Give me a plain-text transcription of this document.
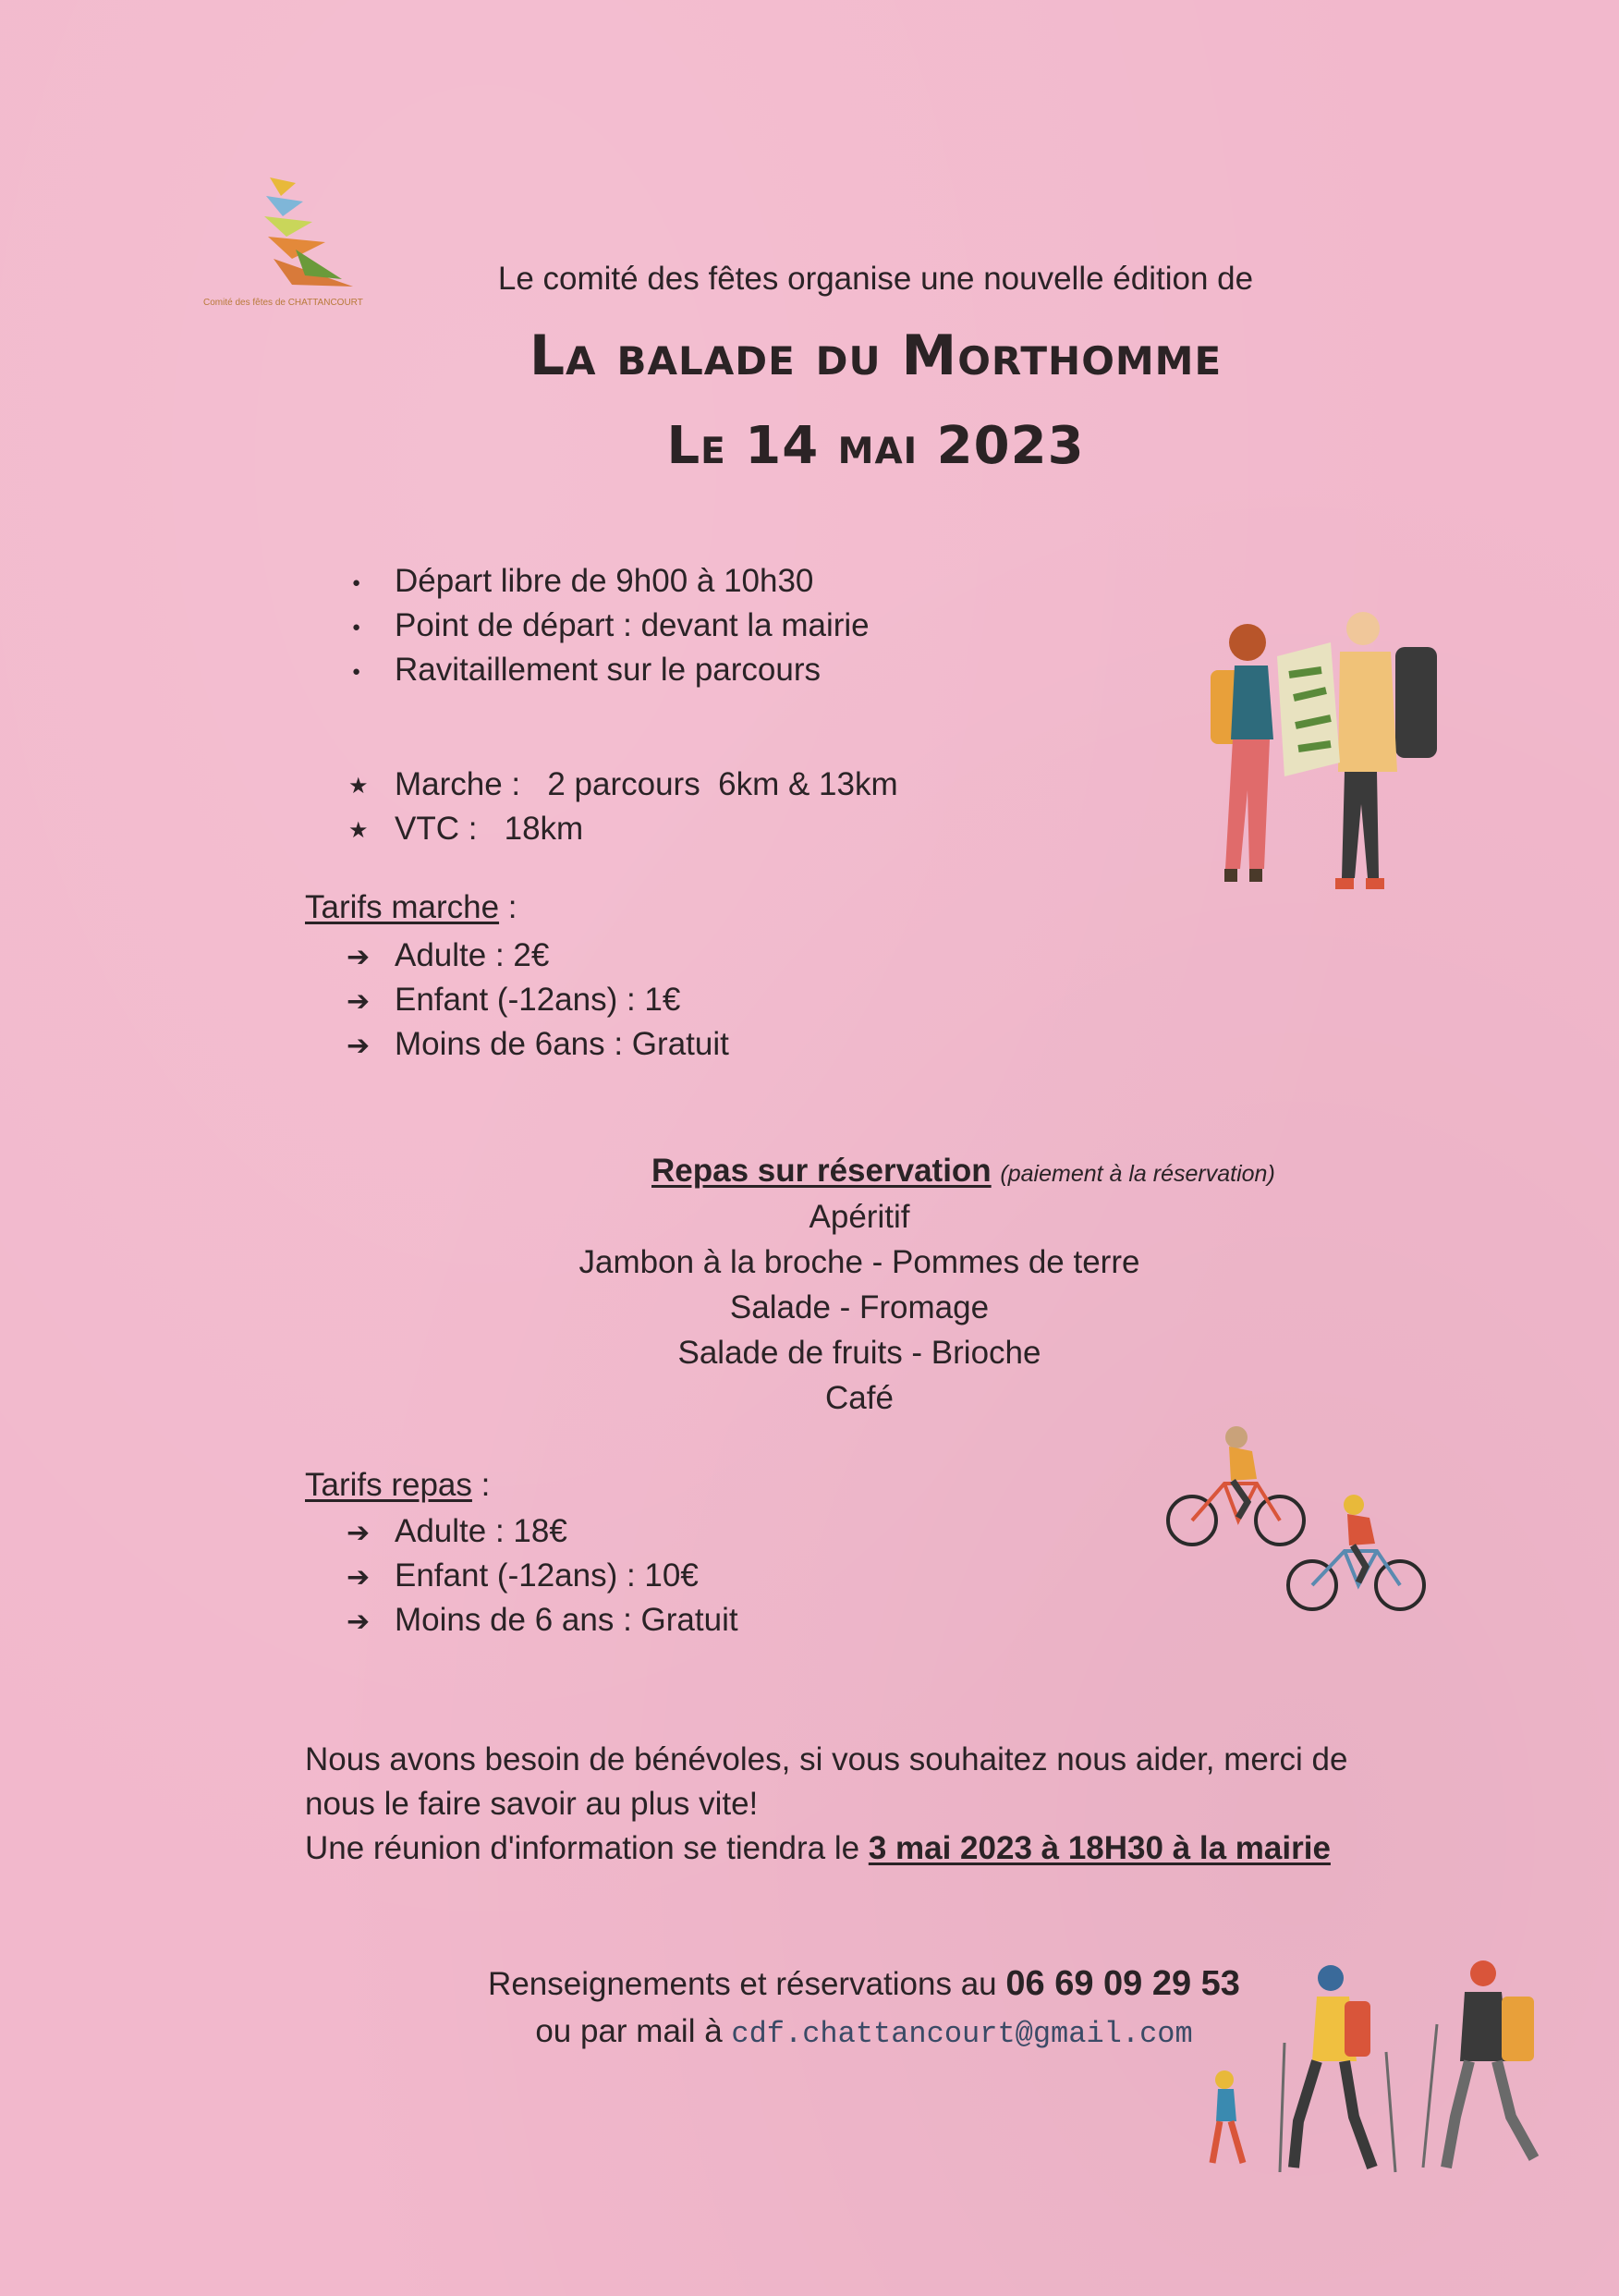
Comité des fêtes de CHATTANCOURT
Le comité des fêtes organise une nouvelle édition de
La balade du Morthomme
Le 14 mai 2023
●Départ libre de 9h00 à 10h30
●Point de départ : devant la mairie
●Ravitaillement sur le parcours
★ Marche :   2 parcours  6km & 13km
★ VTC :   18km
Tarifs marche :
➔Adulte : 2€
➔Enfant (-12ans) : 1€
➔Moins de 6ans : Gratuit
Repas sur réservation (paiement à la réservation)
Apéritif
Jambon à la broche - Pommes de terre
Salade - Fromage
Salade de fruits - Brioche
Café
Tarifs repas :
➔Adulte : 18€
➔Enfant (-12ans) : 10€
➔Moins de 6 ans : Gratuit
Nous avons besoin de bénévoles, si vous souhaitez nous aider, merci de
nous le faire savoir au plus vite!
Une réunion d'information se tiendra le 3 mai 2023 à 18H30 à la mairie
Renseignements et réservations au 06 69 09 29 53
ou par mail à cdf.chattancourt@gmail.com
